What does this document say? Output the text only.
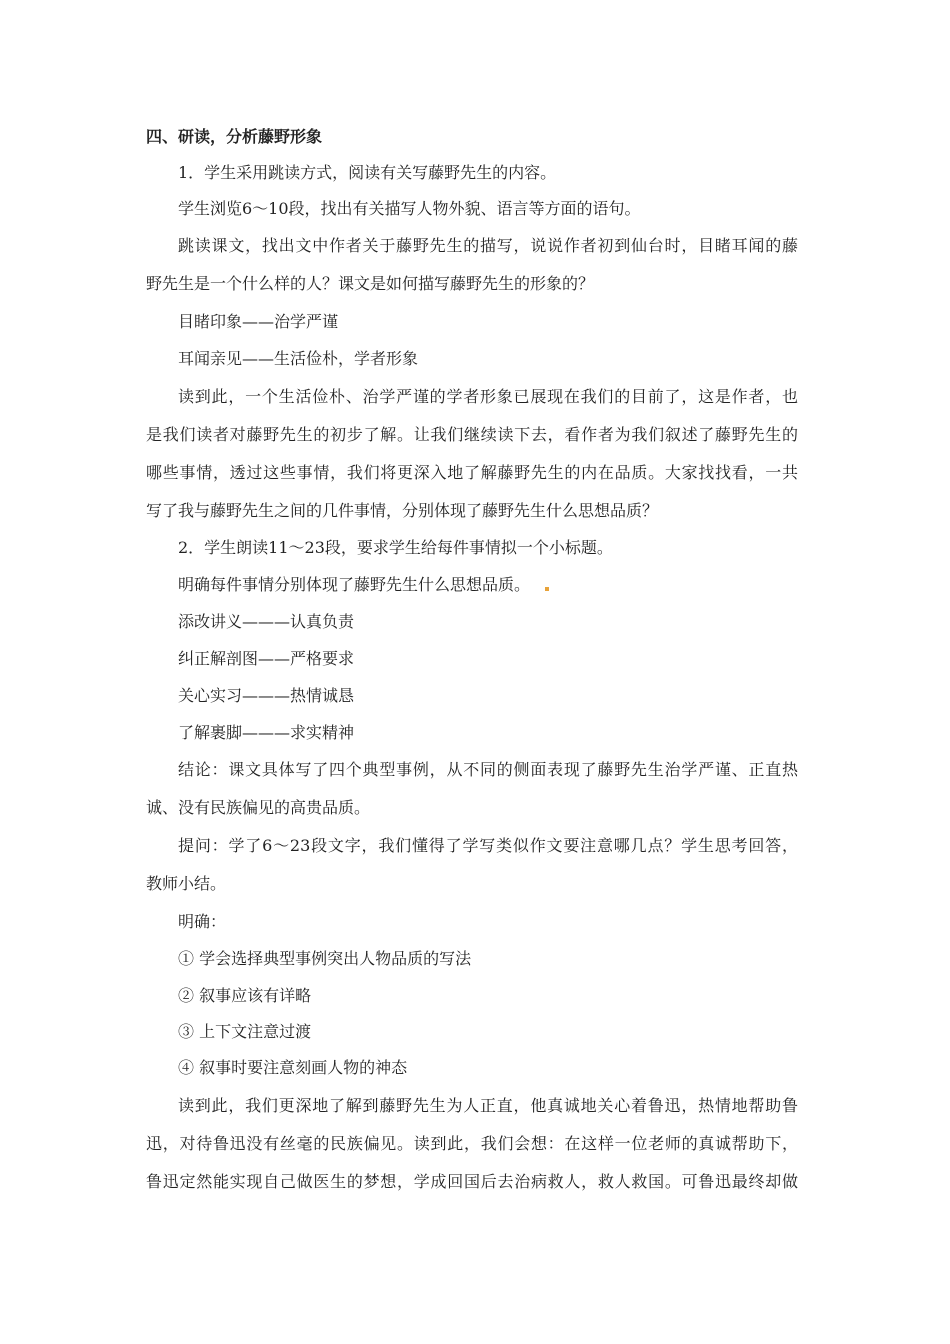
四、研读，分析藤野形象
1．学生采用跳读方式，阅读有关写藤野先生的内容。
学生浏览6～10段，找出有关描写人物外貌、语言等方面的语句。
跳读课文，找出文中作者关于藤野先生的描写，说说作者初到仙台时，目睹耳闻的藤
野先生是一个什么样的人？课文是如何描写藤野先生的形象的？
目睹印象——治学严谨
耳闻亲见——生活俭朴，学者形象
读到此，一个生活俭朴、治学严谨的学者形象已展现在我们的目前了，这是作者，也
是我们读者对藤野先生的初步了解。让我们继续读下去，看作者为我们叙述了藤野先生的
哪些事情，透过这些事情，我们将更深入地了解藤野先生的内在品质。大家找找看，一共
写了我与藤野先生之间的几件事情，分别体现了藤野先生什么思想品质？
2．学生朗读11～23段，要求学生给每件事情拟一个小标题。
明确每件事情分别体现了藤野先生什么思想品质。
添改讲义———认真负责
纠正解剖图——严格要求
关心实习———热情诚恳
了解裹脚———求实精神
结论：课文具体写了四个典型事例，从不同的侧面表现了藤野先生治学严谨、正直热
诚、没有民族偏见的高贵品质。
提问：学了6～23段文字，我们懂得了学写类似作文要注意哪几点？学生思考回答，
教师小结。
明确：
① 学会选择典型事例突出人物品质的写法
② 叙事应该有详略
③ 上下文注意过渡
④ 叙事时要注意刻画人物的神态
读到此，我们更深地了解到藤野先生为人正直，他真诚地关心着鲁迅，热情地帮助鲁
迅，对待鲁迅没有丝毫的民族偏见。读到此，我们会想：在这样一位老师的真诚帮助下，
鲁迅定然能实现自己做医生的梦想，学成回国后去治病救人，救人救国。可鲁迅最终却做
